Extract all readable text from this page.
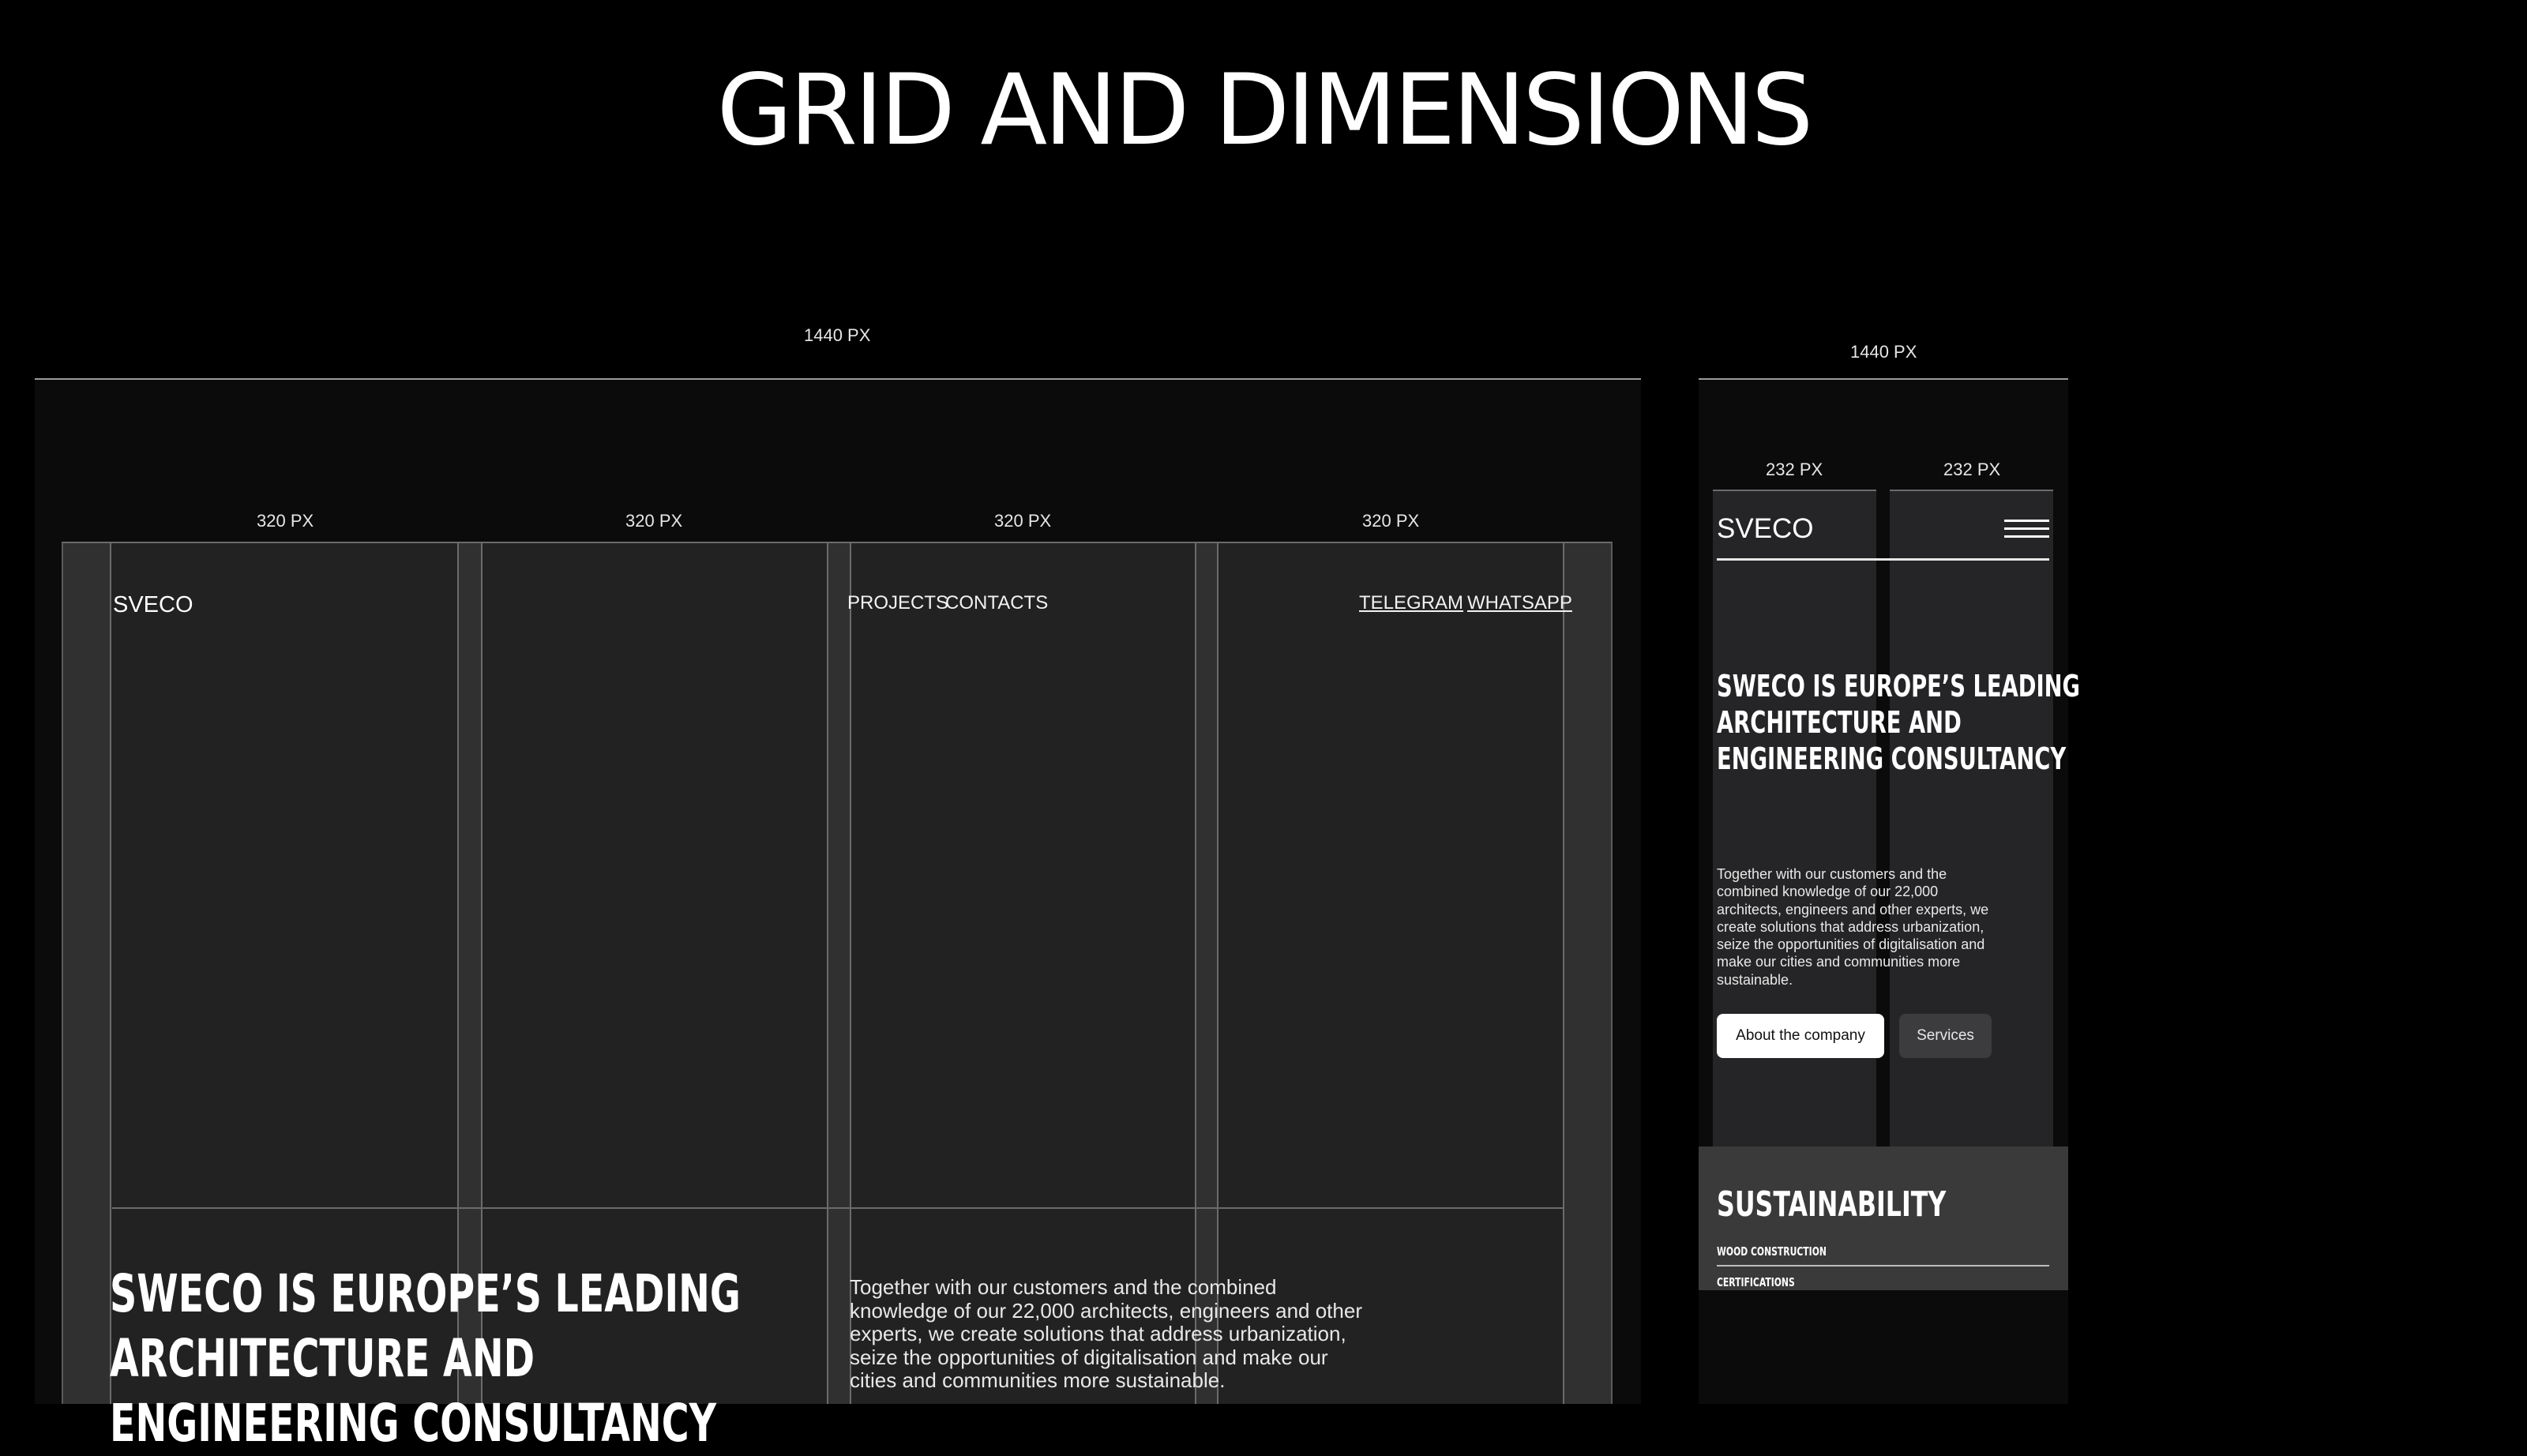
GRID AND DIMENSIONS
1440 PX
320 PX	320 PX	320 PX	320 PX
SVECO	PROJECTS
CONTACTS	TELEGRAM WHATSAPP
SWECO IS EUROPE’S LEADING
ARCHITECTURE AND
ENGINEERING CONSULTANCY
Together with our customers and the combined
knowledge of our 22,000 architects, engineers and other
experts, we create solutions that address urbanization,
seize the opportunities of digitalisation and make our
cities and communities more sustainable.
1440 PX
232 PX	232 PX
SVECO
SWECO IS EUROPE’S LEADING
ARCHITECTURE AND
ENGINEERING CONSULTANCY
Together with our customers and the
combined knowledge of our 22,000
architects, engineers and other experts, we
create solutions that address urbanization,
seize the opportunities of digitalisation and
make our cities and communities more
sustainable.
About the company	Services
SUSTAINABILITY
WOOD CONSTRUCTION
CERTIFICATIONS
